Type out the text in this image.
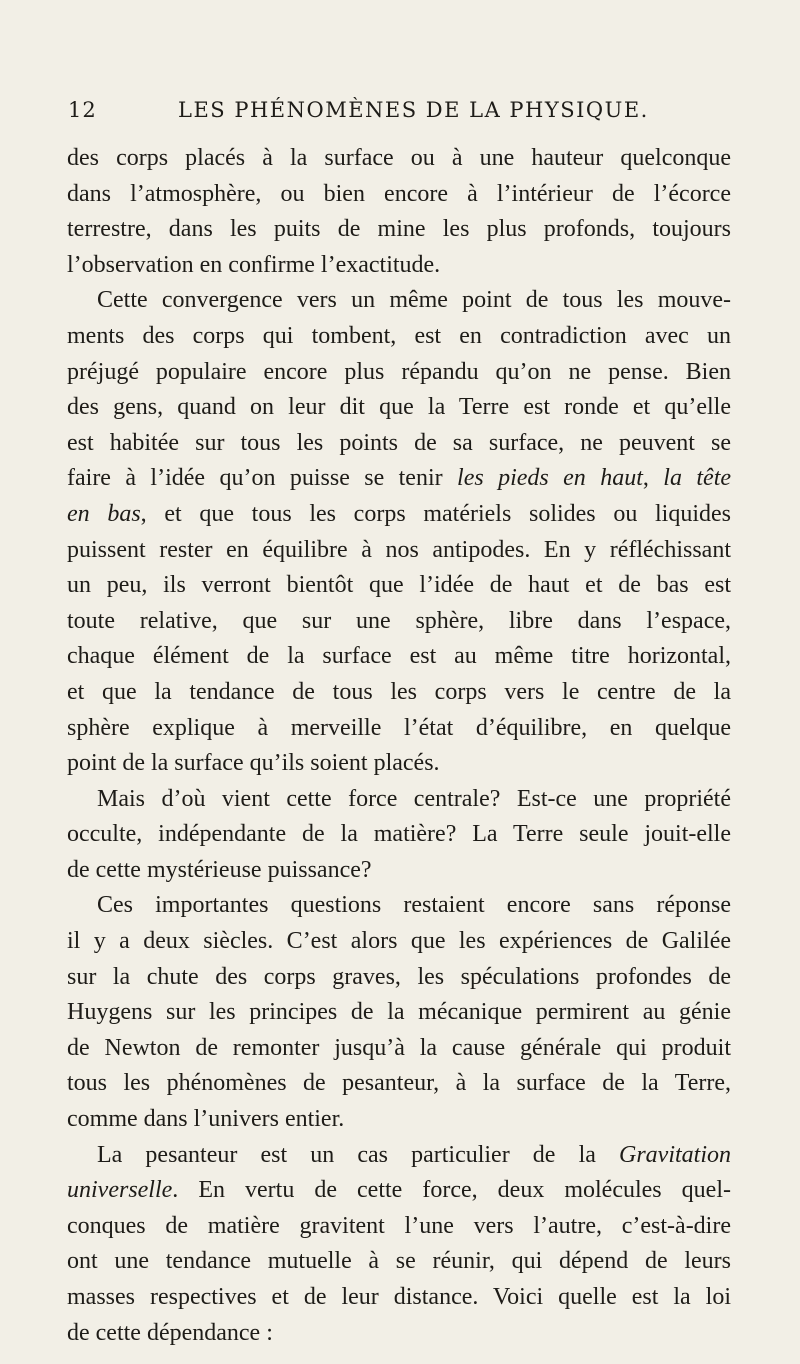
12	LES PHÉNOMÈNES DE LA PHYSIQUE.
des corps placés à la surface ou à une hauteur quelconque
dans l’atmosphère, ou bien encore à l’intérieur de l’écorce
terrestre, dans les puits de mine les plus profonds, toujours
l’observation en confirme l’exactitude.
Cette convergence vers un même point de tous les mouve-
ments des corps qui tombent, est en contradiction avec un
préjugé populaire encore plus répandu qu’on ne pense. Bien
des gens, quand on leur dit que la Terre est ronde et qu’elle
est habitée sur tous les points de sa surface, ne peuvent se
faire à l’idée qu’on puisse se tenir les pieds en haut, la tête
en bas, et que tous les corps matériels solides ou liquides
puissent rester en équilibre à nos antipodes. En y réfléchissant
un peu, ils verront bientôt que l’idée de haut et de bas est
toute relative, que sur une sphère, libre dans l’espace,
chaque élément de la surface est au même titre horizontal,
et que la tendance de tous les corps vers le centre de la
sphère explique à merveille l’état d’équilibre, en quelque
point de la surface qu’ils soient placés.
Mais d’où vient cette force centrale? Est-ce une propriété
occulte, indépendante de la matière? La Terre seule jouit-elle
de cette mystérieuse puissance?
Ces importantes questions restaient encore sans réponse
il y a deux siècles. C’est alors que les expériences de Galilée
sur la chute des corps graves, les spéculations profondes de
Huygens sur les principes de la mécanique permirent au génie
de Newton de remonter jusqu’à la cause générale qui produit
tous les phénomènes de pesanteur, à la surface de la Terre,
comme dans l’univers entier.
La pesanteur est un cas particulier de la Gravitation
universelle. En vertu de cette force, deux molécules quel-
conques de matière gravitent l’une vers l’autre, c’est-à-dire
ont une tendance mutuelle à se réunir, qui dépend de leurs
masses respectives et de leur distance. Voici quelle est la loi
de cette dépendance :
